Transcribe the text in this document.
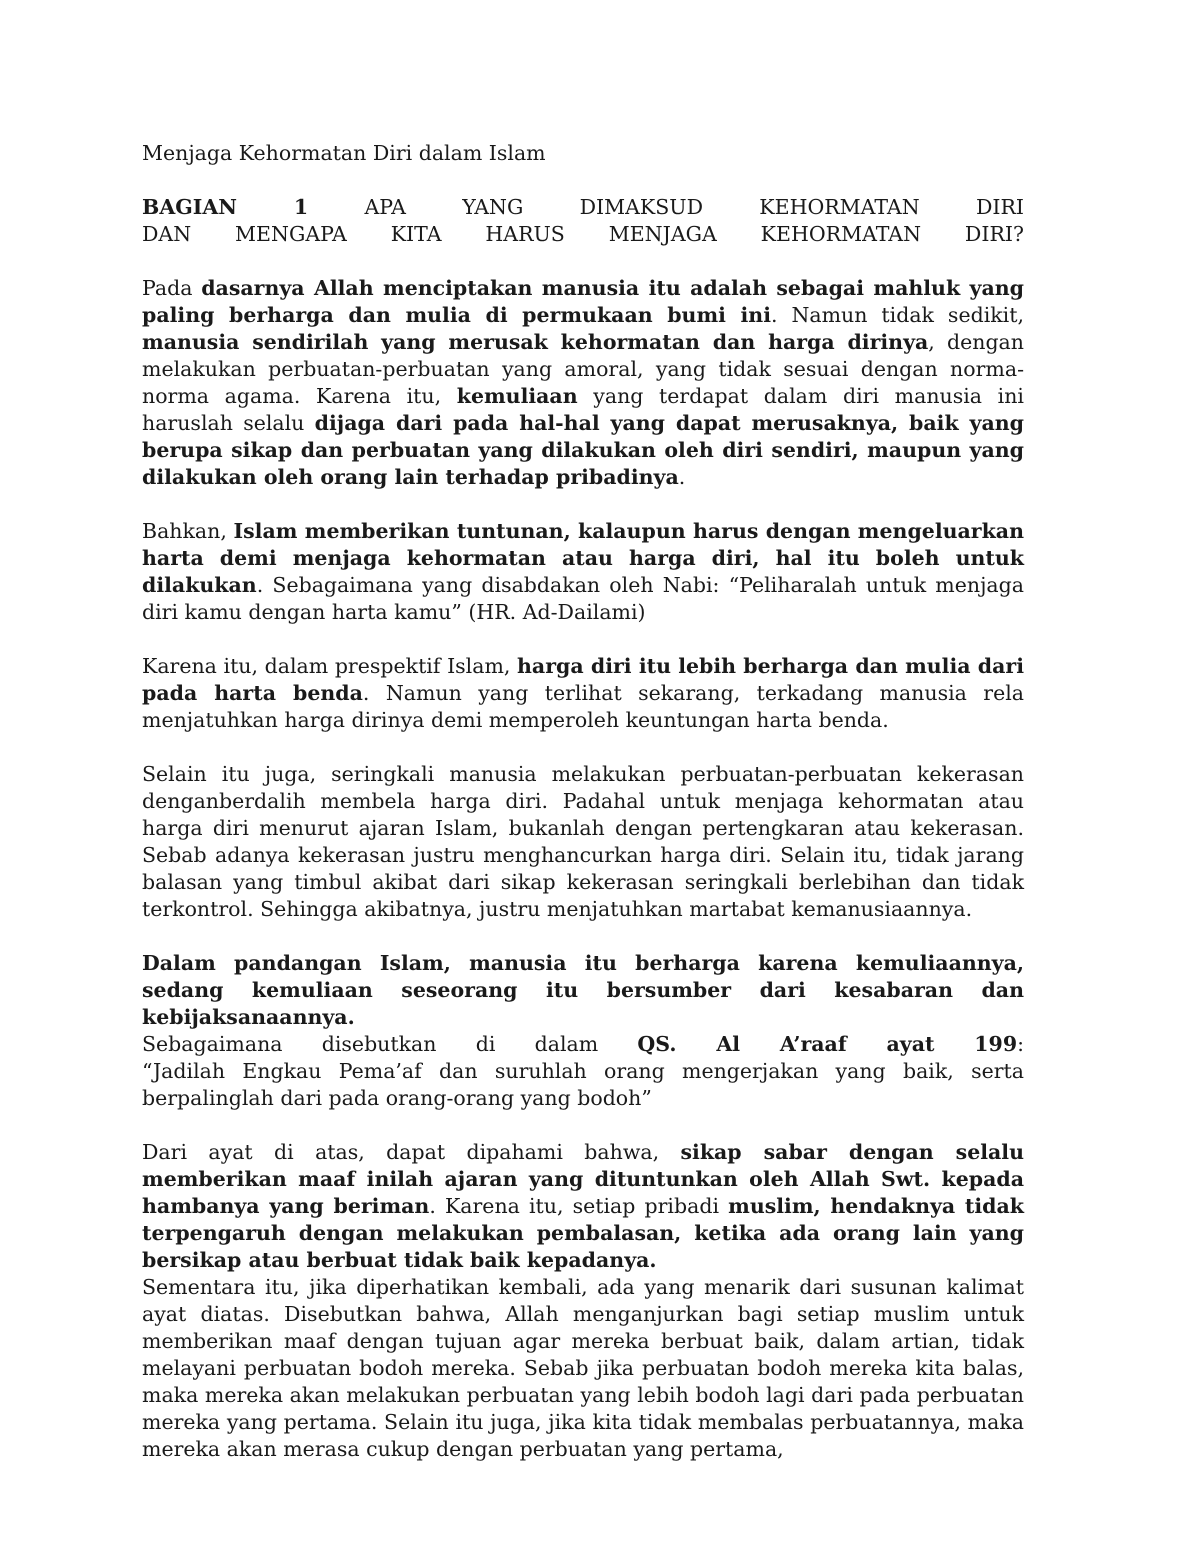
Menjaga Kehormatan Diri dalam Islam
BAGIAN 1	APA YANG DIMAKSUD KEHORMATAN DIRI
DAN MENGAPA KITA HARUS MENJAGA KEHORMATAN DIRI?

Pada dasarnya Allah menciptakan manusia itu adalah sebagai mahluk yang paling berharga dan mulia di permukaan bumi ini. Namun tidak sedikit, manusia sendirilah yang merusak kehormatan dan harga dirinya, dengan melakukan perbuatan-perbuatan yang amoral, yang tidak sesuai dengan norma-norma agama. Karena itu, kemuliaan yang terdapat dalam diri manusia ini haruslah selalu dijaga dari pada hal-hal yang dapat merusaknya, baik yang berupa sikap dan perbuatan yang dilakukan oleh diri sendiri, maupun yang dilakukan oleh orang lain terhadap pribadinya.

Bahkan, Islam memberikan tuntunan, kalaupun harus dengan mengeluarkan harta demi menjaga kehormatan atau harga diri, hal itu boleh untuk dilakukan. Sebagaimana yang disabdakan oleh Nabi: “Peliharalah untuk menjaga diri kamu dengan harta kamu” (HR. Ad-Dailami)

Karena itu, dalam prespektif Islam, harga diri itu lebih berharga dan mulia dari pada harta benda. Namun yang terlihat sekarang, terkadang manusia rela menjatuhkan harga dirinya demi memperoleh keuntungan harta benda.

Selain itu juga, seringkali manusia melakukan perbuatan-perbuatan kekerasan denganberdalih membela harga diri. Padahal untuk menjaga kehormatan atau harga diri menurut ajaran Islam, bukanlah dengan pertengkaran atau kekerasan. Sebab adanya kekerasan justru menghancurkan harga diri. Selain itu, tidak jarang balasan yang timbul akibat dari sikap kekerasan seringkali berlebihan dan tidak terkontrol. Sehingga akibatnya, justru menjatuhkan martabat kemanusiaannya.

Dalam pandangan Islam, manusia itu berharga karena kemuliaannya, sedang kemuliaan seseorang itu bersumber dari kesabaran dan kebijaksanaannya.
Sebagaimana disebutkan di dalam QS. Al A’raaf ayat 199:
“Jadilah Engkau Pema’af dan suruhlah orang mengerjakan yang baik, serta berpalinglah dari pada orang-orang yang bodoh”

Dari ayat di atas, dapat dipahami bahwa, sikap sabar dengan selalu memberikan maaf inilah ajaran yang dituntunkan oleh Allah Swt. kepada hambanya yang beriman. Karena itu, setiap pribadi muslim, hendaknya tidak terpengaruh dengan melakukan pembalasan, ketika ada orang lain yang bersikap atau berbuat tidak baik kepadanya.

Sementara itu, jika diperhatikan kembali, ada yang menarik dari susunan kalimat ayat diatas. Disebutkan bahwa, Allah menganjurkan bagi setiap muslim untuk memberikan maaf dengan tujuan agar mereka berbuat baik, dalam artian, tidak melayani perbuatan bodoh mereka. Sebab jika perbuatan bodoh mereka kita balas, maka mereka akan melakukan perbuatan yang lebih bodoh lagi dari pada perbuatan mereka yang pertama. Selain itu juga, jika kita tidak membalas perbuatannya, maka mereka akan merasa cukup dengan perbuatan yang pertama,
